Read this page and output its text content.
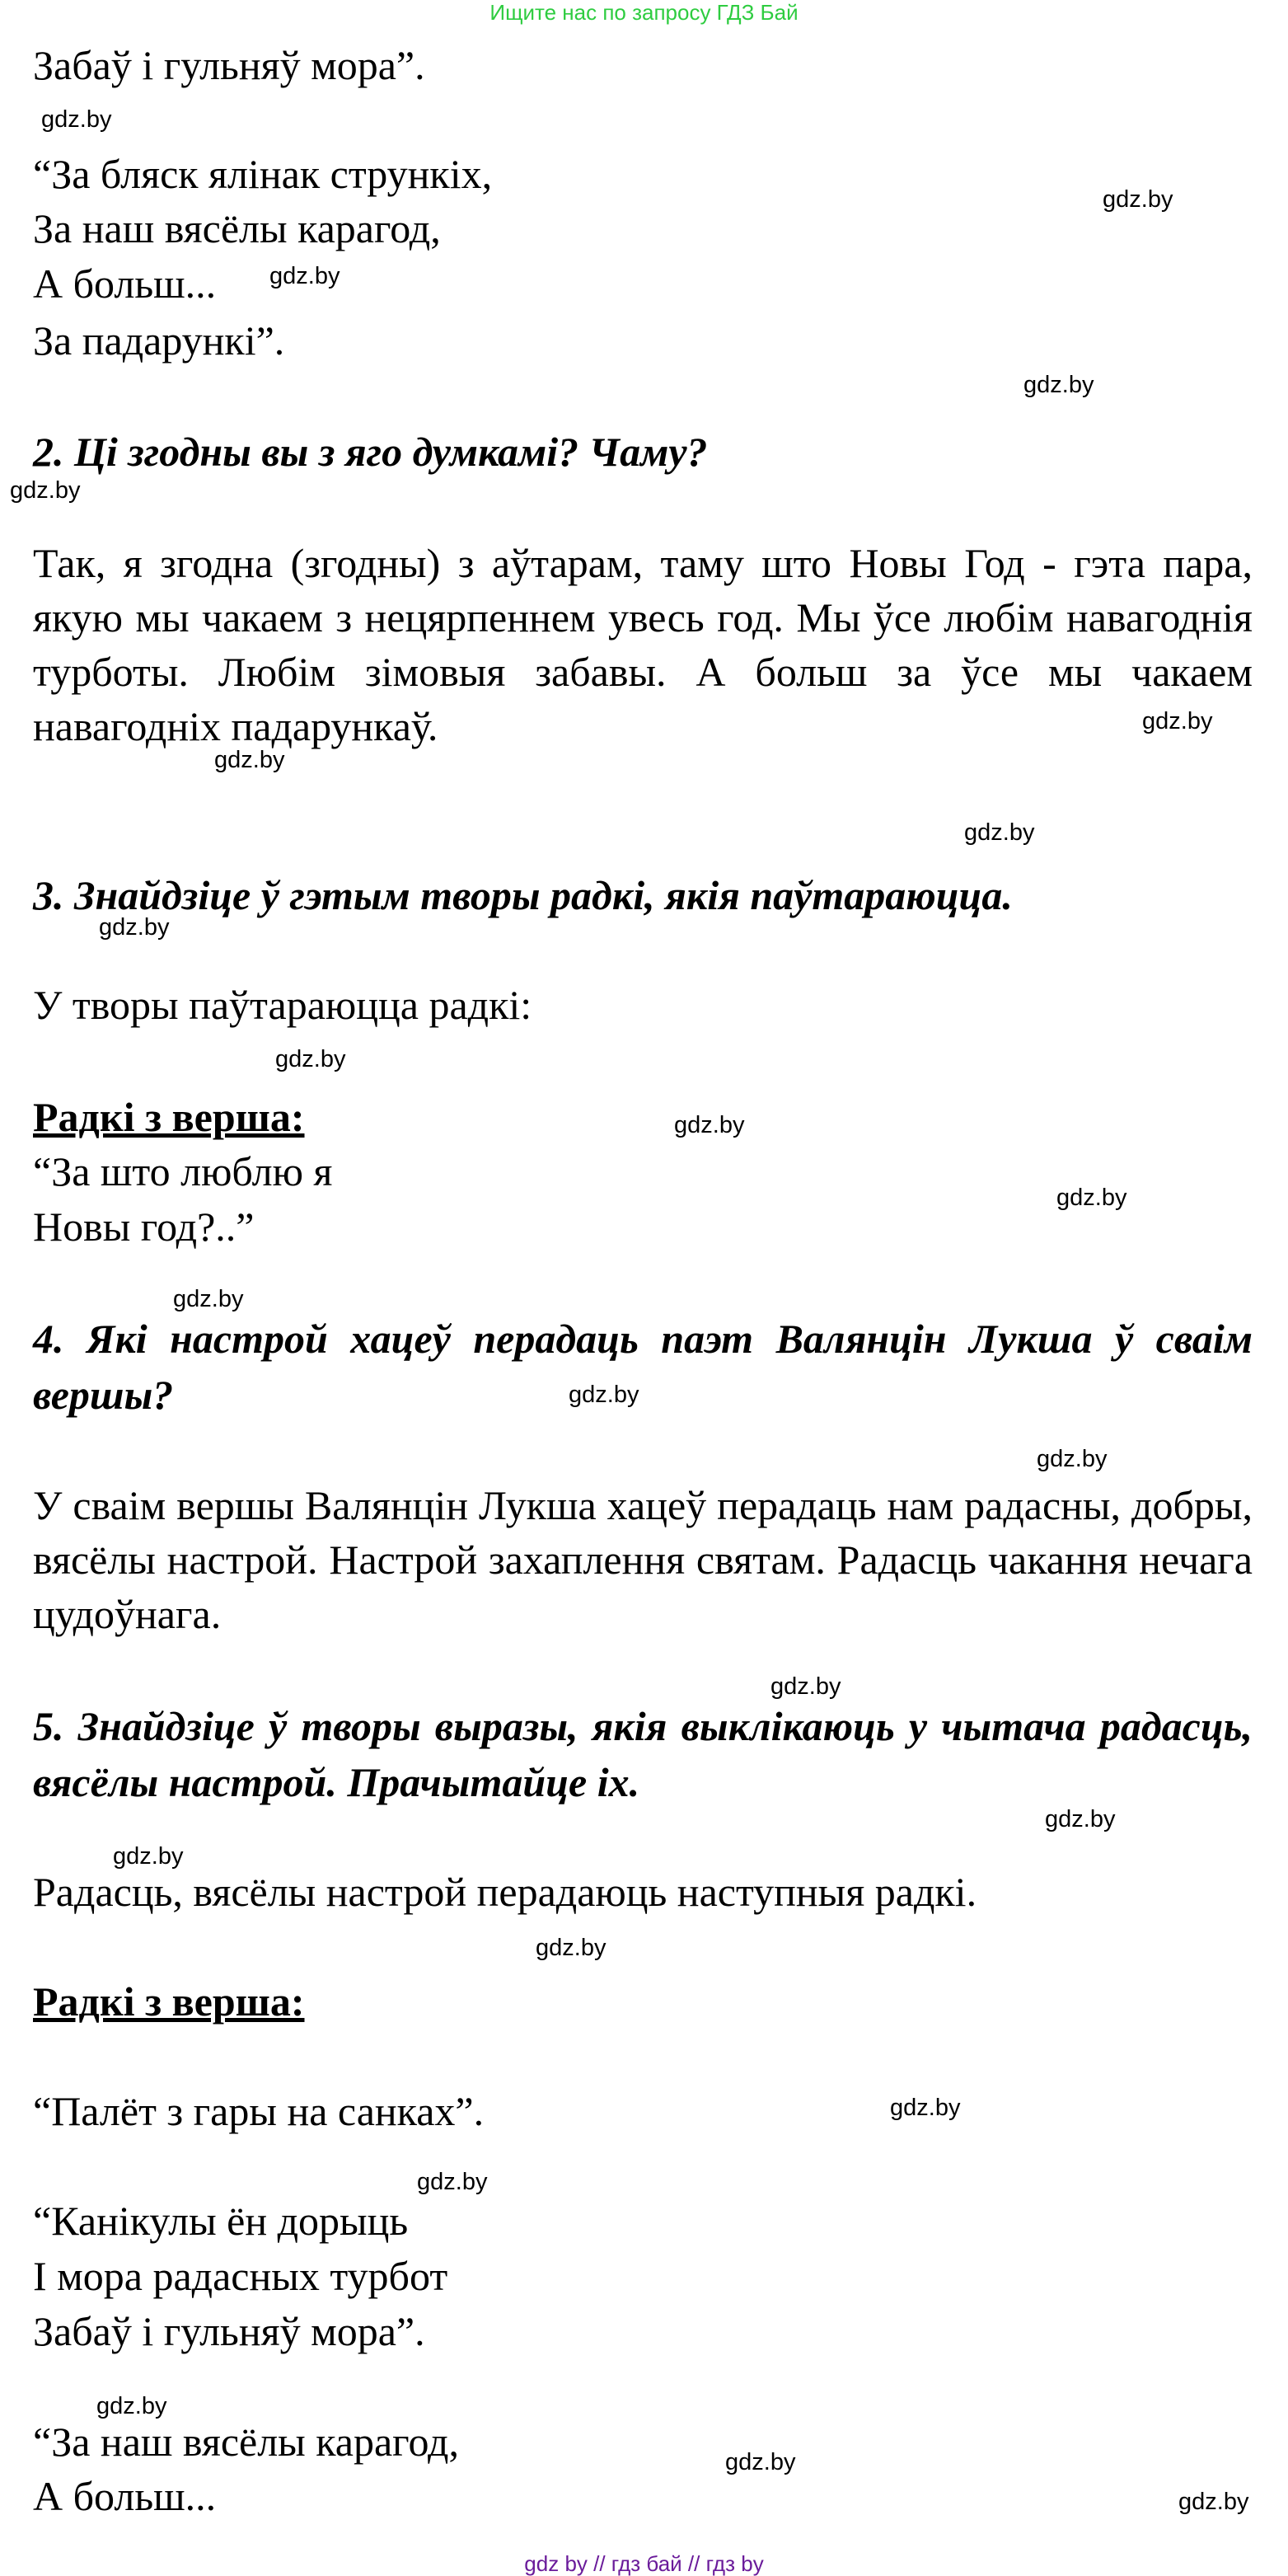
Ищите нас по запросу ГДЗ Бай
Забаў і гульняў мора”.
“За бляск ялінак стрункіх,
За наш вясёлы карагод,
А больш...
За падарункі”.
2. Ці згодны вы з яго думкамі? Чаму?
Так, я згодна (згодны) з аўтарам, таму што Новы Год - гэта пара, якую мы чакаем з нецярпеннем увесь год. Мы ўсе любім навагоднія турботы. Любім зімовыя забавы. А больш за ўсе мы чакаем навагодніх падарункаў.
3. Знайдзіце ў гэтым творы радкі, якія паўтараюцца.
У творы паўтараюцца радкі:
Радкі з верша:
“За што люблю я
Новы год?..”
4. Які настрой хацеў перадаць паэт Валянцін Лукша ў сваім вершы?
У сваім вершы Валянцін Лукша хацеў перадаць нам радасны, добры, вясёлы настрой. Настрой захаплення святам. Радасць чакання нечага цудоўнага.
5. Знайдзіце ў творы выразы, якія выклікаюць у чытача радасць, вясёлы настрой. Прачытайце іх.
Радасць, вясёлы настрой перадаюць наступныя радкі.
Радкі з верша:
“Палёт з гары на санках”.
“Канікулы ён дорыць
І мора радасных турбот
Забаў і гульняў мора”.
“За наш вясёлы карагод,
А больш...
gdz.by
gdz.by
gdz.by
gdz.by
gdz.by
gdz.by
gdz.by
gdz.by
gdz.by
gdz.by
gdz.by
gdz.by
gdz.by
gdz.by
gdz.by
gdz.by
gdz.by
gdz.by
gdz.by
gdz.by
gdz.by
gdz.by
gdz.by
gdz.by
gdz by // гдз бай // гдз by
